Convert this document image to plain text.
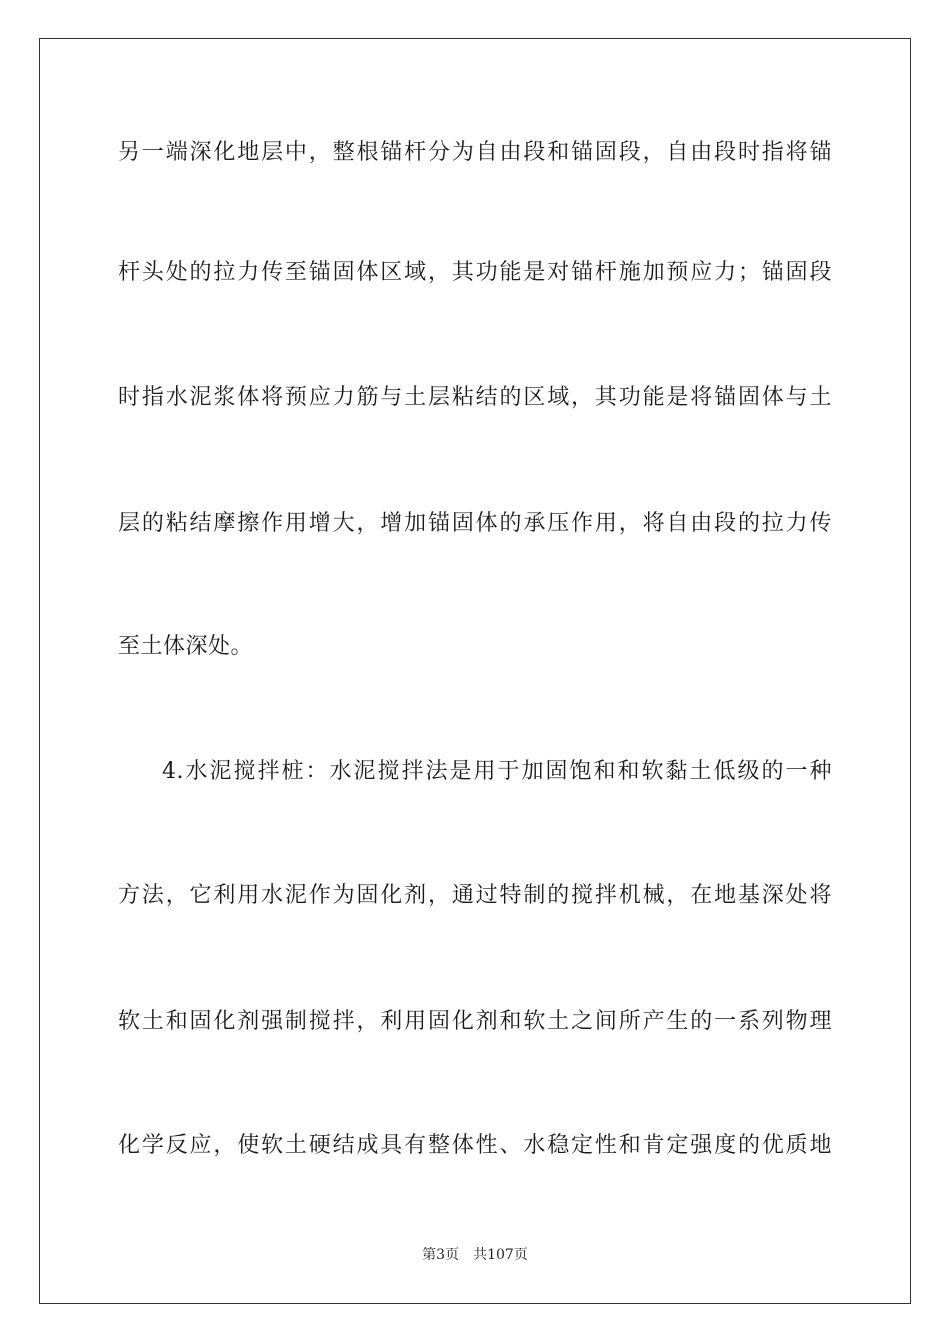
另一端深化地层中，整根锚杆分为自由段和锚固段，自由段时指将锚
杆头处的拉力传至锚固体区域，其功能是对锚杆施加预应力；锚固段
时指水泥浆体将预应力筋与土层粘结的区域，其功能是将锚固体与土
层的粘结摩擦作用增大，增加锚固体的承压作用，将自由段的拉力传
至土体深处。
4.水泥搅拌桩：水泥搅拌法是用于加固饱和和软黏土低级的一种
方法，它利用水泥作为固化剂，通过特制的搅拌机械，在地基深处将
软土和固化剂强制搅拌，利用固化剂和软土之间所产生的一系列物理
化学反应，使软土硬结成具有整体性、水稳定性和肯定强度的优质地
第3页 共107页
